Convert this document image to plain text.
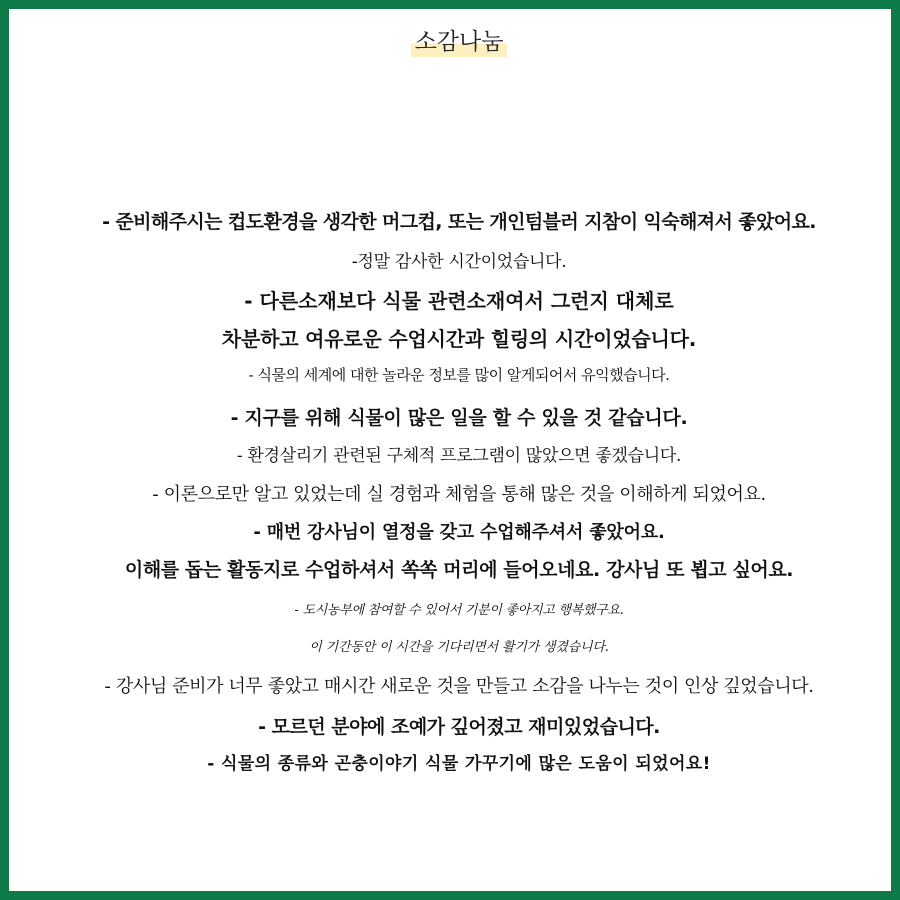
소감나눔
- 준비해주시는 컵도환경을 생각한 머그컵, 또는 개인텀블러 지참이 익숙해져서 좋았어요.
-정말 감사한 시간이었습니다.
- 다른소재보다 식물 관련소재여서 그런지 대체로
차분하고 여유로운 수업시간과 힐링의 시간이었습니다.
- 식물의 세계에 대한 놀라운 정보를 많이 알게되어서 유익했습니다.
- 지구를 위해 식물이 많은 일을 할 수 있을 것 같습니다.
- 환경살리기 관련된 구체적 프로그램이 많았으면 좋겠습니다.
- 이론으로만 알고 있었는데 실 경험과 체험을 통해 많은 것을 이해하게 되었어요.
- 매번 강사님이 열정을 갖고 수업해주셔서 좋았어요.
이해를 돕는 활동지로 수업하셔서 쏙쏙 머리에 들어오네요. 강사님 또 뵙고 싶어요.
- 도시농부에 참여할 수 있어서 기분이 좋아지고 행복했구요.
이 기간동안 이 시간을 기다리면서 활기가 생겼습니다.
- 강사님 준비가 너무 좋았고 매시간 새로운 것을 만들고 소감을 나누는 것이 인상 깊었습니다.
- 모르던 분야에 조예가 깊어졌고 재미있었습니다.
- 식물의 종류와 곤충이야기 식물 가꾸기에 많은 도움이 되었어요!
